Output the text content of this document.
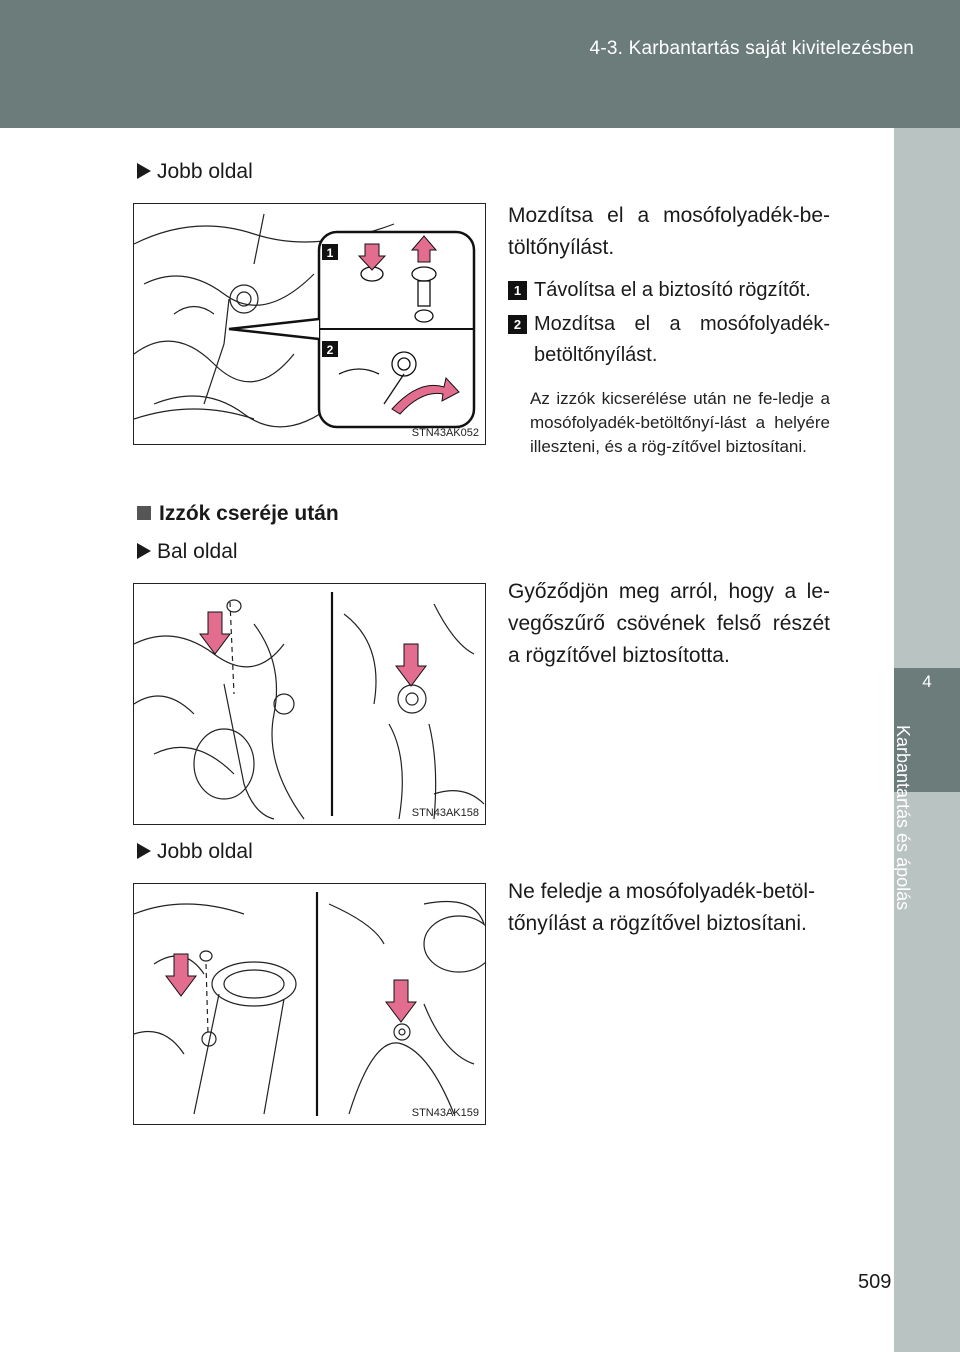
4-3. Karbantartás saját kivitelezésben
4
Karbantartás és ápolás
Jobb oldal
1
2
STN43AK052
Mozdítsa el a mosófolyadék-be-töltőnyílást.
1 Távolítsa el a biztosító rögzítőt.
2 Mozdítsa el a mosófolyadék-betöltőnyílást.
Az izzók kicserélése után ne fe-ledje a mosófolyadék-betöltőnyí-lást a helyére illeszteni, és a rög-zítővel biztosítani.
Izzók cseréje után
Bal oldal
STN43AK158
Győződjön meg arról, hogy a le-vegőszűrő csövének felső részét a rögzítővel biztosította.
Jobb oldal
STN43AK159
Ne feledje a mosófolyadék-betöl-tőnyílást a rögzítővel biztosítani.
509
